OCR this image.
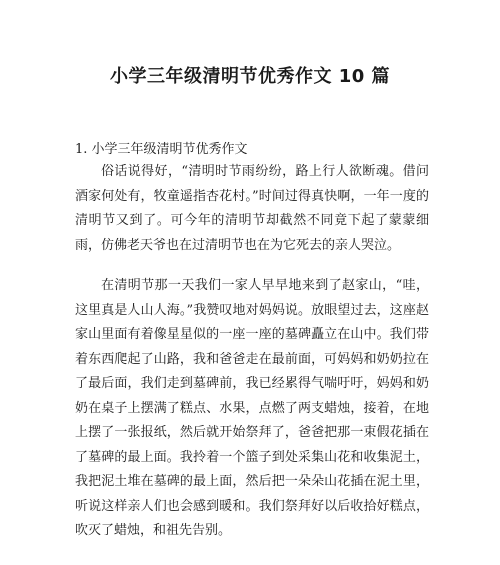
小学三年级清明节优秀作文 10 篇
1. 小学三年级清明节优秀作文

俗话说得好，“清明时节雨纷纷，路上行人欲断魂。借问酒家何处有，牧童遥指杏花村。”时间过得真快啊，一年一度的清明节又到了。可今年的清明节却截然不同竟下起了蒙蒙细雨，仿佛老天爷也在过清明节也在为它死去的亲人哭泣。

在清明节那一天我们一家人早早地来到了赵家山，“哇，这里真是人山人海。”我赞叹地对妈妈说。放眼望过去，这座赵家山里面有着像星星似的一座一座的墓碑矗立在山中。我们带着东西爬起了山路，我和爸爸走在最前面，可妈妈和奶奶拉在了最后面，我们走到墓碑前，我已经累得气喘吁吁，妈妈和奶奶在桌子上摆满了糕点、水果，点燃了两支蜡烛，接着，在地上摆了一张报纸，然后就开始祭拜了，爸爸把那一束假花插在了墓碑的最上面。我拎着一个篮子到处采集山花和收集泥土，我把泥土堆在墓碑的最上面，然后把一朵朵山花插在泥土里，听说这样亲人们也会感到暖和。我们祭拜好以后收拾好糕点，吹灭了蜡烛，和祖先告别。
